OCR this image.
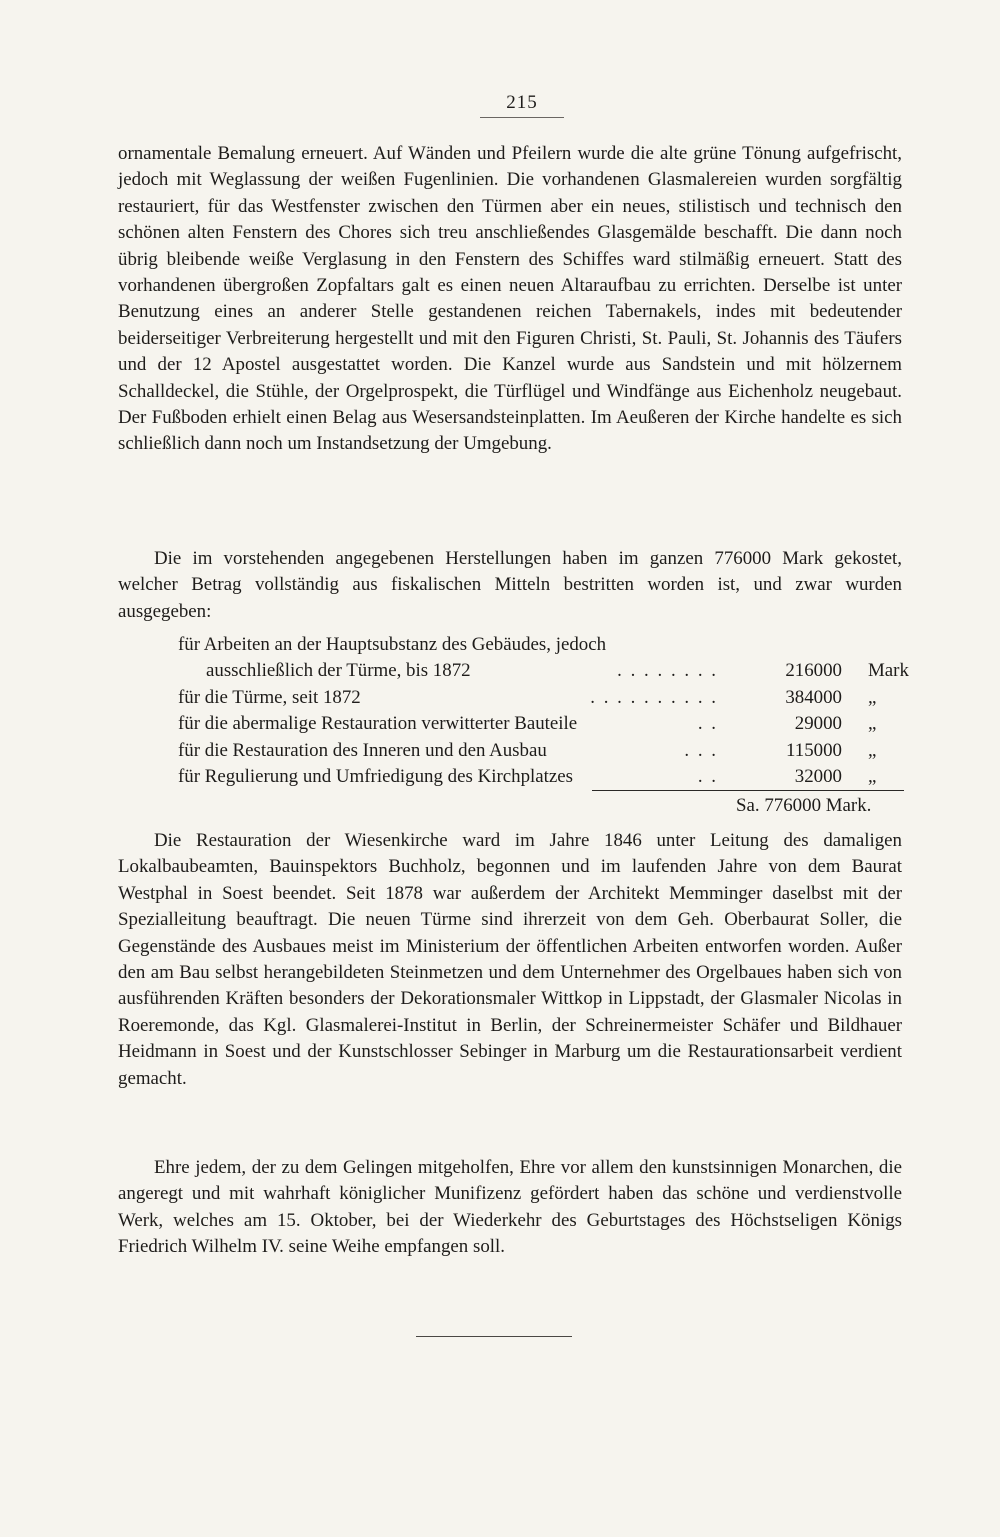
215
ornamentale Bemalung erneuert. Auf Wänden und Pfeilern wurde die alte grüne Tönung aufgefrischt, jedoch mit Weglassung der weißen Fugenlinien. Die vorhandenen Glasmalereien wurden sorgfältig restauriert, für das Westfenster zwischen den Türmen aber ein neues, stilistisch und technisch den schönen alten Fenstern des Chores sich treu anschließendes Glasgemälde beschafft. Die dann noch übrig bleibende weiße Verglasung in den Fenstern des Schiffes ward stilmäßig erneuert. Statt des vorhandenen übergroßen Zopfaltars galt es einen neuen Altaraufbau zu errichten. Derselbe ist unter Benutzung eines an anderer Stelle gestandenen reichen Tabernakels, indes mit bedeutender beiderseitiger Verbreiterung hergestellt und mit den Figuren Christi, St. Pauli, St. Johannis des Täufers und der 12 Apostel ausgestattet worden. Die Kanzel wurde aus Sandstein und mit hölzernem Schalldeckel, die Stühle, der Orgelprospekt, die Türflügel und Windfänge aus Eichenholz neugebaut. Der Fußboden erhielt einen Belag aus Wesersandsteinplatten. Im Aeußeren der Kirche handelte es sich schließlich dann noch um Instandsetzung der Umgebung.
Die im vorstehenden angegebenen Herstellungen haben im ganzen 776000 Mark gekostet, welcher Betrag vollständig aus fiskalischen Mitteln bestritten worden ist, und zwar wurden ausgegeben:
für Arbeiten an der Hauptsubstanz des Gebäudes, jedoch
ausschließlich der Türme, bis 1872	. . . . . . . .	216000 Mark
für die Türme, seit 1872	. . . . . . . . . .	384000 „
für die abermalige Restauration verwitterter Bauteile	. .	29000 „
für die Restauration des Inneren und den Ausbau	. . .	115000 „
für Regulierung und Umfriedigung des Kirchplatzes	. .	32000 „
Sa. 776000 Mark.
Die Restauration der Wiesenkirche ward im Jahre 1846 unter Leitung des damaligen Lokalbaubeamten, Bauinspektors Buchholz, begonnen und im laufenden Jahre von dem Baurat Westphal in Soest beendet. Seit 1878 war außerdem der Architekt Memminger daselbst mit der Spezialleitung beauftragt. Die neuen Türme sind ihrerzeit von dem Geh. Oberbaurat Soller, die Gegenstände des Ausbaues meist im Ministerium der öffentlichen Arbeiten entworfen worden. Außer den am Bau selbst herangebildeten Steinmetzen und dem Unternehmer des Orgelbaues haben sich von ausführenden Kräften besonders der Dekorationsmaler Wittkop in Lippstadt, der Glasmaler Nicolas in Roeremonde, das Kgl. Glasmalerei-Institut in Berlin, der Schreinermeister Schäfer und Bildhauer Heidmann in Soest und der Kunstschlosser Sebinger in Marburg um die Restaurationsarbeit verdient gemacht.
Ehre jedem, der zu dem Gelingen mitgeholfen, Ehre vor allem den kunstsinnigen Monarchen, die angeregt und mit wahrhaft königlicher Munifizenz gefördert haben das schöne und verdienstvolle Werk, welches am 15. Oktober, bei der Wiederkehr des Geburtstages des Höchstseligen Königs Friedrich Wilhelm IV. seine Weihe empfangen soll.
